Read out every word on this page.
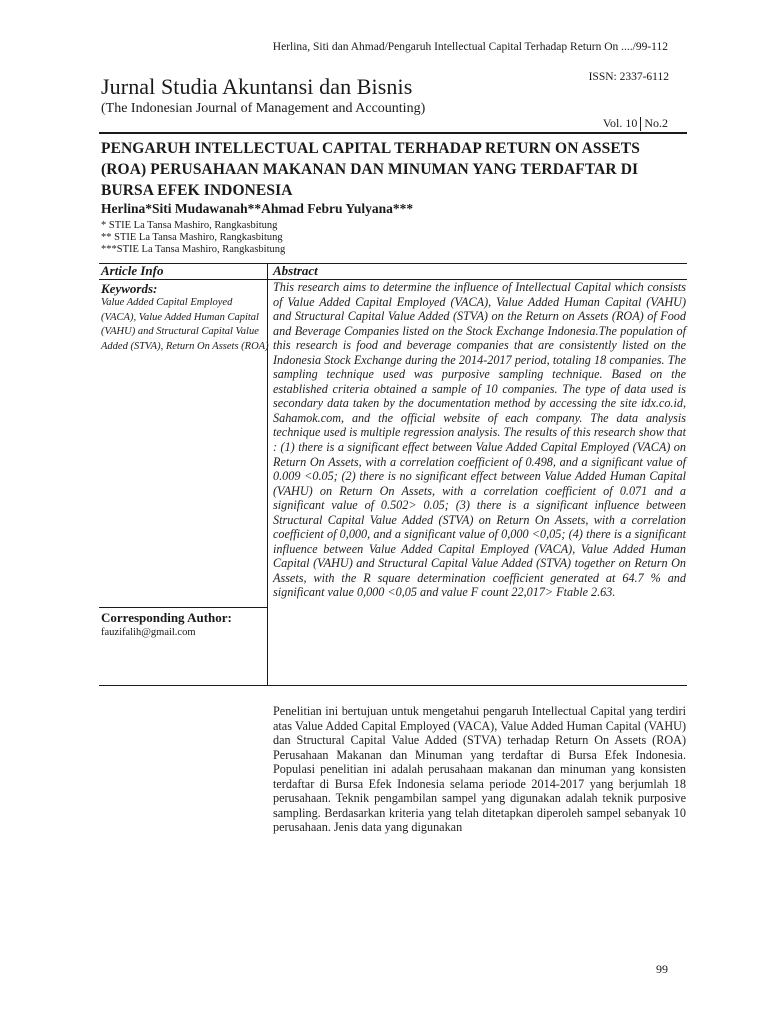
Herlina, Siti dan Ahmad/Pengaruh Intellectual Capital Terhadap Return On ..../99-112
Jurnal Studia Akuntansi dan Bisnis
(The Indonesian Journal of Management and Accounting)
ISSN: 2337-6112
Vol. 10 No.2
PENGARUH INTELLECTUAL CAPITAL TERHADAP RETURN ON ASSETS (ROA) PERUSAHAAN MAKANAN DAN MINUMAN YANG TERDAFTAR DI BURSA EFEK INDONESIA
Herlina*Siti Mudawanah**Ahmad Febru Yulyana***
* STIE La Tansa Mashiro, Rangkasbitung
** STIE La Tansa Mashiro, Rangkasbitung
***STIE La Tansa Mashiro, Rangkasbitung
Article Info	Abstract
Keywords:
Value Added Capital Employed (VACA), Value Added Human Capital (VAHU) and Structural Capital Value Added (STVA), Return On Assets (ROA)
Corresponding Author:
fauzifalih@gmail.com
This research aims to determine the influence of Intellectual Capital which consists of Value Added Capital Employed (VACA), Value Added Human Capital (VAHU) and Structural Capital Value Added (STVA) on the Return on Assets (ROA) of Food and Beverage Companies listed on the Stock Exchange Indonesia.The population of this research is food and beverage companies that are consistently listed on the Indonesia Stock Exchange during the 2014-2017 period, totaling 18 companies. The sampling technique used was purposive sampling technique. Based on the established criteria obtained a sample of 10 companies. The type of data used is secondary data taken by the documentation method by accessing the site idx.co.id, Sahamok.com, and the official website of each company. The data analysis technique used is multiple regression analysis. The results of this research show that : (1) there is a significant effect between Value Added Capital Employed (VACA) on Return On Assets, with a correlation coefficient of 0.498, and a significant value of 0.009 <0.05; (2) there is no significant effect between Value Added Human Capital (VAHU) on Return On Assets, with a correlation coefficient of 0.071 and a significant value of 0.502> 0.05; (3) there is a significant influence between Structural Capital Value Added (STVA) on Return On Assets, with a correlation coefficient of 0,000, and a significant value of 0,000 <0,05; (4) there is a significant influence between Value Added Capital Employed (VACA), Value Added Human Capital (VAHU) and Structural Capital Value Added (STVA) together on Return On Assets, with the R square determination coefficient generated at 64.7 % and significant value 0,000 <0,05 and value F count 22,017> Ftable 2.63.
Penelitian ini bertujuan untuk mengetahui pengaruh Intellectual Capital yang terdiri atas Value Added Capital Employed (VACA), Value Added Human Capital (VAHU) dan Structural Capital Value Added (STVA) terhadap Return On Assets (ROA) Perusahaan Makanan dan Minuman yang terdaftar di Bursa Efek Indonesia. Populasi penelitian ini adalah perusahaan makanan dan minuman yang konsisten terdaftar di Bursa Efek Indonesia selama periode 2014-2017 yang berjumlah 18 perusahaan. Teknik pengambilan sampel yang digunakan adalah teknik purposive sampling. Berdasarkan kriteria yang telah ditetapkan diperoleh sampel sebanyak 10 perusahaan. Jenis data yang digunakan
99
